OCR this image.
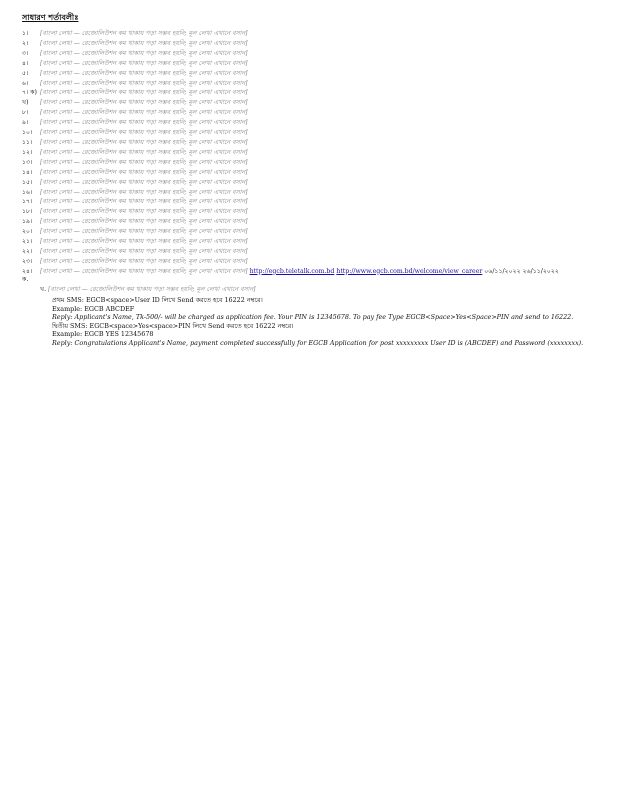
সাধারণ শর্তাবলীঃ
১।	[বাংলা লেখা — রেজোলিউশন কম থাকায় পড়া সম্ভব হয়নি; মূল লেখা এখানে বসান]
২।	[বাংলা লেখা — রেজোলিউশন কম থাকায় পড়া সম্ভব হয়নি; মূল লেখা এখানে বসান]
৩।	[বাংলা লেখা — রেজোলিউশন কম থাকায় পড়া সম্ভব হয়নি; মূল লেখা এখানে বসান]
৪।	[বাংলা লেখা — রেজোলিউশন কম থাকায় পড়া সম্ভব হয়নি; মূল লেখা এখানে বসান]
৫।	[বাংলা লেখা — রেজোলিউশন কম থাকায় পড়া সম্ভব হয়নি; মূল লেখা এখানে বসান]
৬।	[বাংলা লেখা — রেজোলিউশন কম থাকায় পড়া সম্ভব হয়নি; মূল লেখা এখানে বসান]
৭। ক) [বাংলা লেখা — রেজোলিউশন কম থাকায় পড়া সম্ভব হয়নি; মূল লেখা এখানে বসান]
খ)	[বাংলা লেখা — রেজোলিউশন কম থাকায় পড়া সম্ভব হয়নি; মূল লেখা এখানে বসান]
৮।	[বাংলা লেখা — রেজোলিউশন কম থাকায় পড়া সম্ভব হয়নি; মূল লেখা এখানে বসান]
৯।	[বাংলা লেখা — রেজোলিউশন কম থাকায় পড়া সম্ভব হয়নি; মূল লেখা এখানে বসান]
১০।	[বাংলা লেখা — রেজোলিউশন কম থাকায় পড়া সম্ভব হয়নি; মূল লেখা এখানে বসান]
১১।	[বাংলা লেখা — রেজোলিউশন কম থাকায় পড়া সম্ভব হয়নি; মূল লেখা এখানে বসান]
১২।	[বাংলা লেখা — রেজোলিউশন কম থাকায় পড়া সম্ভব হয়নি; মূল লেখা এখানে বসান]
১৩।	[বাংলা লেখা — রেজোলিউশন কম থাকায় পড়া সম্ভব হয়নি; মূল লেখা এখানে বসান]
১৪।	[বাংলা লেখা — রেজোলিউশন কম থাকায় পড়া সম্ভব হয়নি; মূল লেখা এখানে বসান]
১৫।	[বাংলা লেখা — রেজোলিউশন কম থাকায় পড়া সম্ভব হয়নি; মূল লেখা এখানে বসান]
১৬।	[বাংলা লেখা — রেজোলিউশন কম থাকায় পড়া সম্ভব হয়নি; মূল লেখা এখানে বসান]
১৭।	[বাংলা লেখা — রেজোলিউশন কম থাকায় পড়া সম্ভব হয়নি; মূল লেখা এখানে বসান]
১৮।	[বাংলা লেখা — রেজোলিউশন কম থাকায় পড়া সম্ভব হয়নি; মূল লেখা এখানে বসান]
১৯।	[বাংলা লেখা — রেজোলিউশন কম থাকায় পড়া সম্ভব হয়নি; মূল লেখা এখানে বসান]
২০।	[বাংলা লেখা — রেজোলিউশন কম থাকায় পড়া সম্ভব হয়নি; মূল লেখা এখানে বসান]
২১।	[বাংলা লেখা — রেজোলিউশন কম থাকায় পড়া সম্ভব হয়নি; মূল লেখা এখানে বসান]
২২।	[বাংলা লেখা — রেজোলিউশন কম থাকায় পড়া সম্ভব হয়নি; মূল লেখা এখানে বসান]
২৩।	[বাংলা লেখা — রেজোলিউশন কম থাকায় পড়া সম্ভব হয়নি; মূল লেখা এখানে বসান]
২৪। ক.
[বাংলা লেখা — রেজোলিউশন কম থাকায় পড়া সম্ভব হয়নি; মূল লেখা এখানে বসান] http://egcb.teletalk.com.bd http://www.egcb.com.bd/welcome/view_career ০৬/১১/২০২২ ২৬/১১/২০২২
খ. [বাংলা লেখা — রেজোলিউশন কম থাকায় পড়া সম্ভব হয়নি; মূল লেখা এখানে বসান]
প্রথম SMS: EGCB<space>User ID লিখে Send করতে হবে 16222 নম্বরে।
Example: EGCB ABCDEF
Reply: Applicant's Name, Tk-500/- will be charged as application fee. Your PIN is 12345678. To pay fee Type EGCB<Space>Yes<Space>PIN and send to 16222.
দ্বিতীয় SMS: EGCB<space>Yes<space>PIN লিখে Send করতে হবে 16222 নম্বরে।
Example: EGCB YES 12345678
Reply: Congratulations Applicant's Name, payment completed successfully for EGCB Application for post xxxxxxxxx User ID is (ABCDEF) and Password (xxxxxxxx).
